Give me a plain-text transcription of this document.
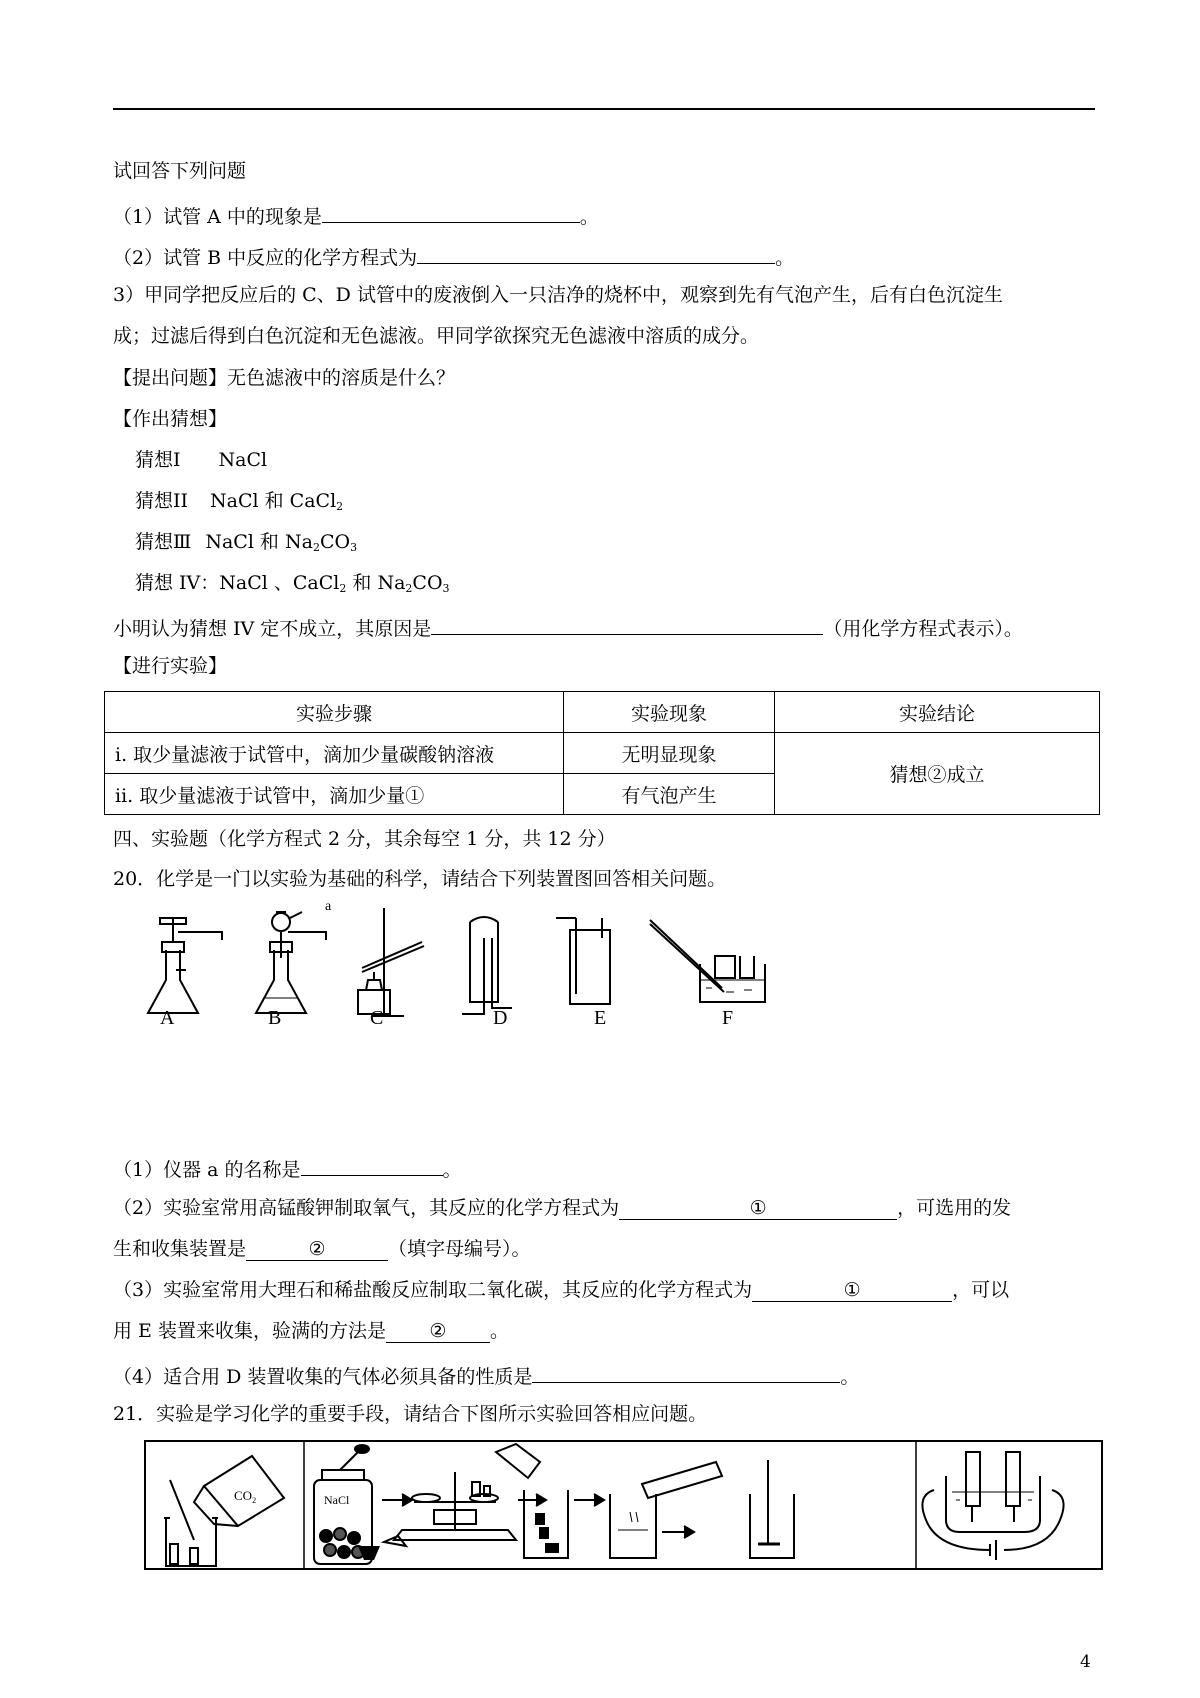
试回答下列问题
（1）试管 A 中的现象是	。
（2）试管 B 中反应的化学方程式为	。
3）甲同学把反应后的 C、D 试管中的废液倒入一只洁净的烧杯中，观察到先有气泡产生，后有白色沉淀生
成；过滤后得到白色沉淀和无色滤液。甲同学欲探究无色滤液中溶质的成分。
【提出问题】无色滤液中的溶质是什么？
【作出猜想】
猜想Ⅰ NaCl
猜想ⅠⅠ NaCl 和 CaCl$_2$
猜想Ⅲ NaCl 和 $Na_2CO_3$
猜想 IV：NaCl 、CaCl$_2$ 和 $Na_2CO_3$
小明认为猜想 IV 定不成立，其原因是	（用化学方程式表示）。
【进行实验】
实验步骤	实验现象	实验结论
ⅰ. 取少量滤液于试管中，滴加少量碳酸钠溶液	无明显现象	猜想②成立
ⅱ. 取少量滤液于试管中，滴加少量①	有气泡产生	
四、实验题（化学方程式 2 分，其余每空 1 分，共 12 分）
20．化学是一门以实验为基础的科学，请结合下列装置图回答相关问题。
A	B	C	D	E	F
a
（1）仪器 a 的名称是	。
（2）实验室常用高锰酸钾制取氧气，其反应的化学方程式为	①	，可选用的发
生和收集装置是	②	（填字母编号）。
（3）实验室常用大理石和稀盐酸反应制取二氧化碳，其反应的化学方程式为	①	，可以
用 E 装置来收集，验满的方法是 ② 。
（4）适合用 D 装置收集的气体必须具备的性质是	。
21．实验是学习化学的重要手段，请结合下图所示实验回答相应问题。
$CO_2$	NaCl
4
